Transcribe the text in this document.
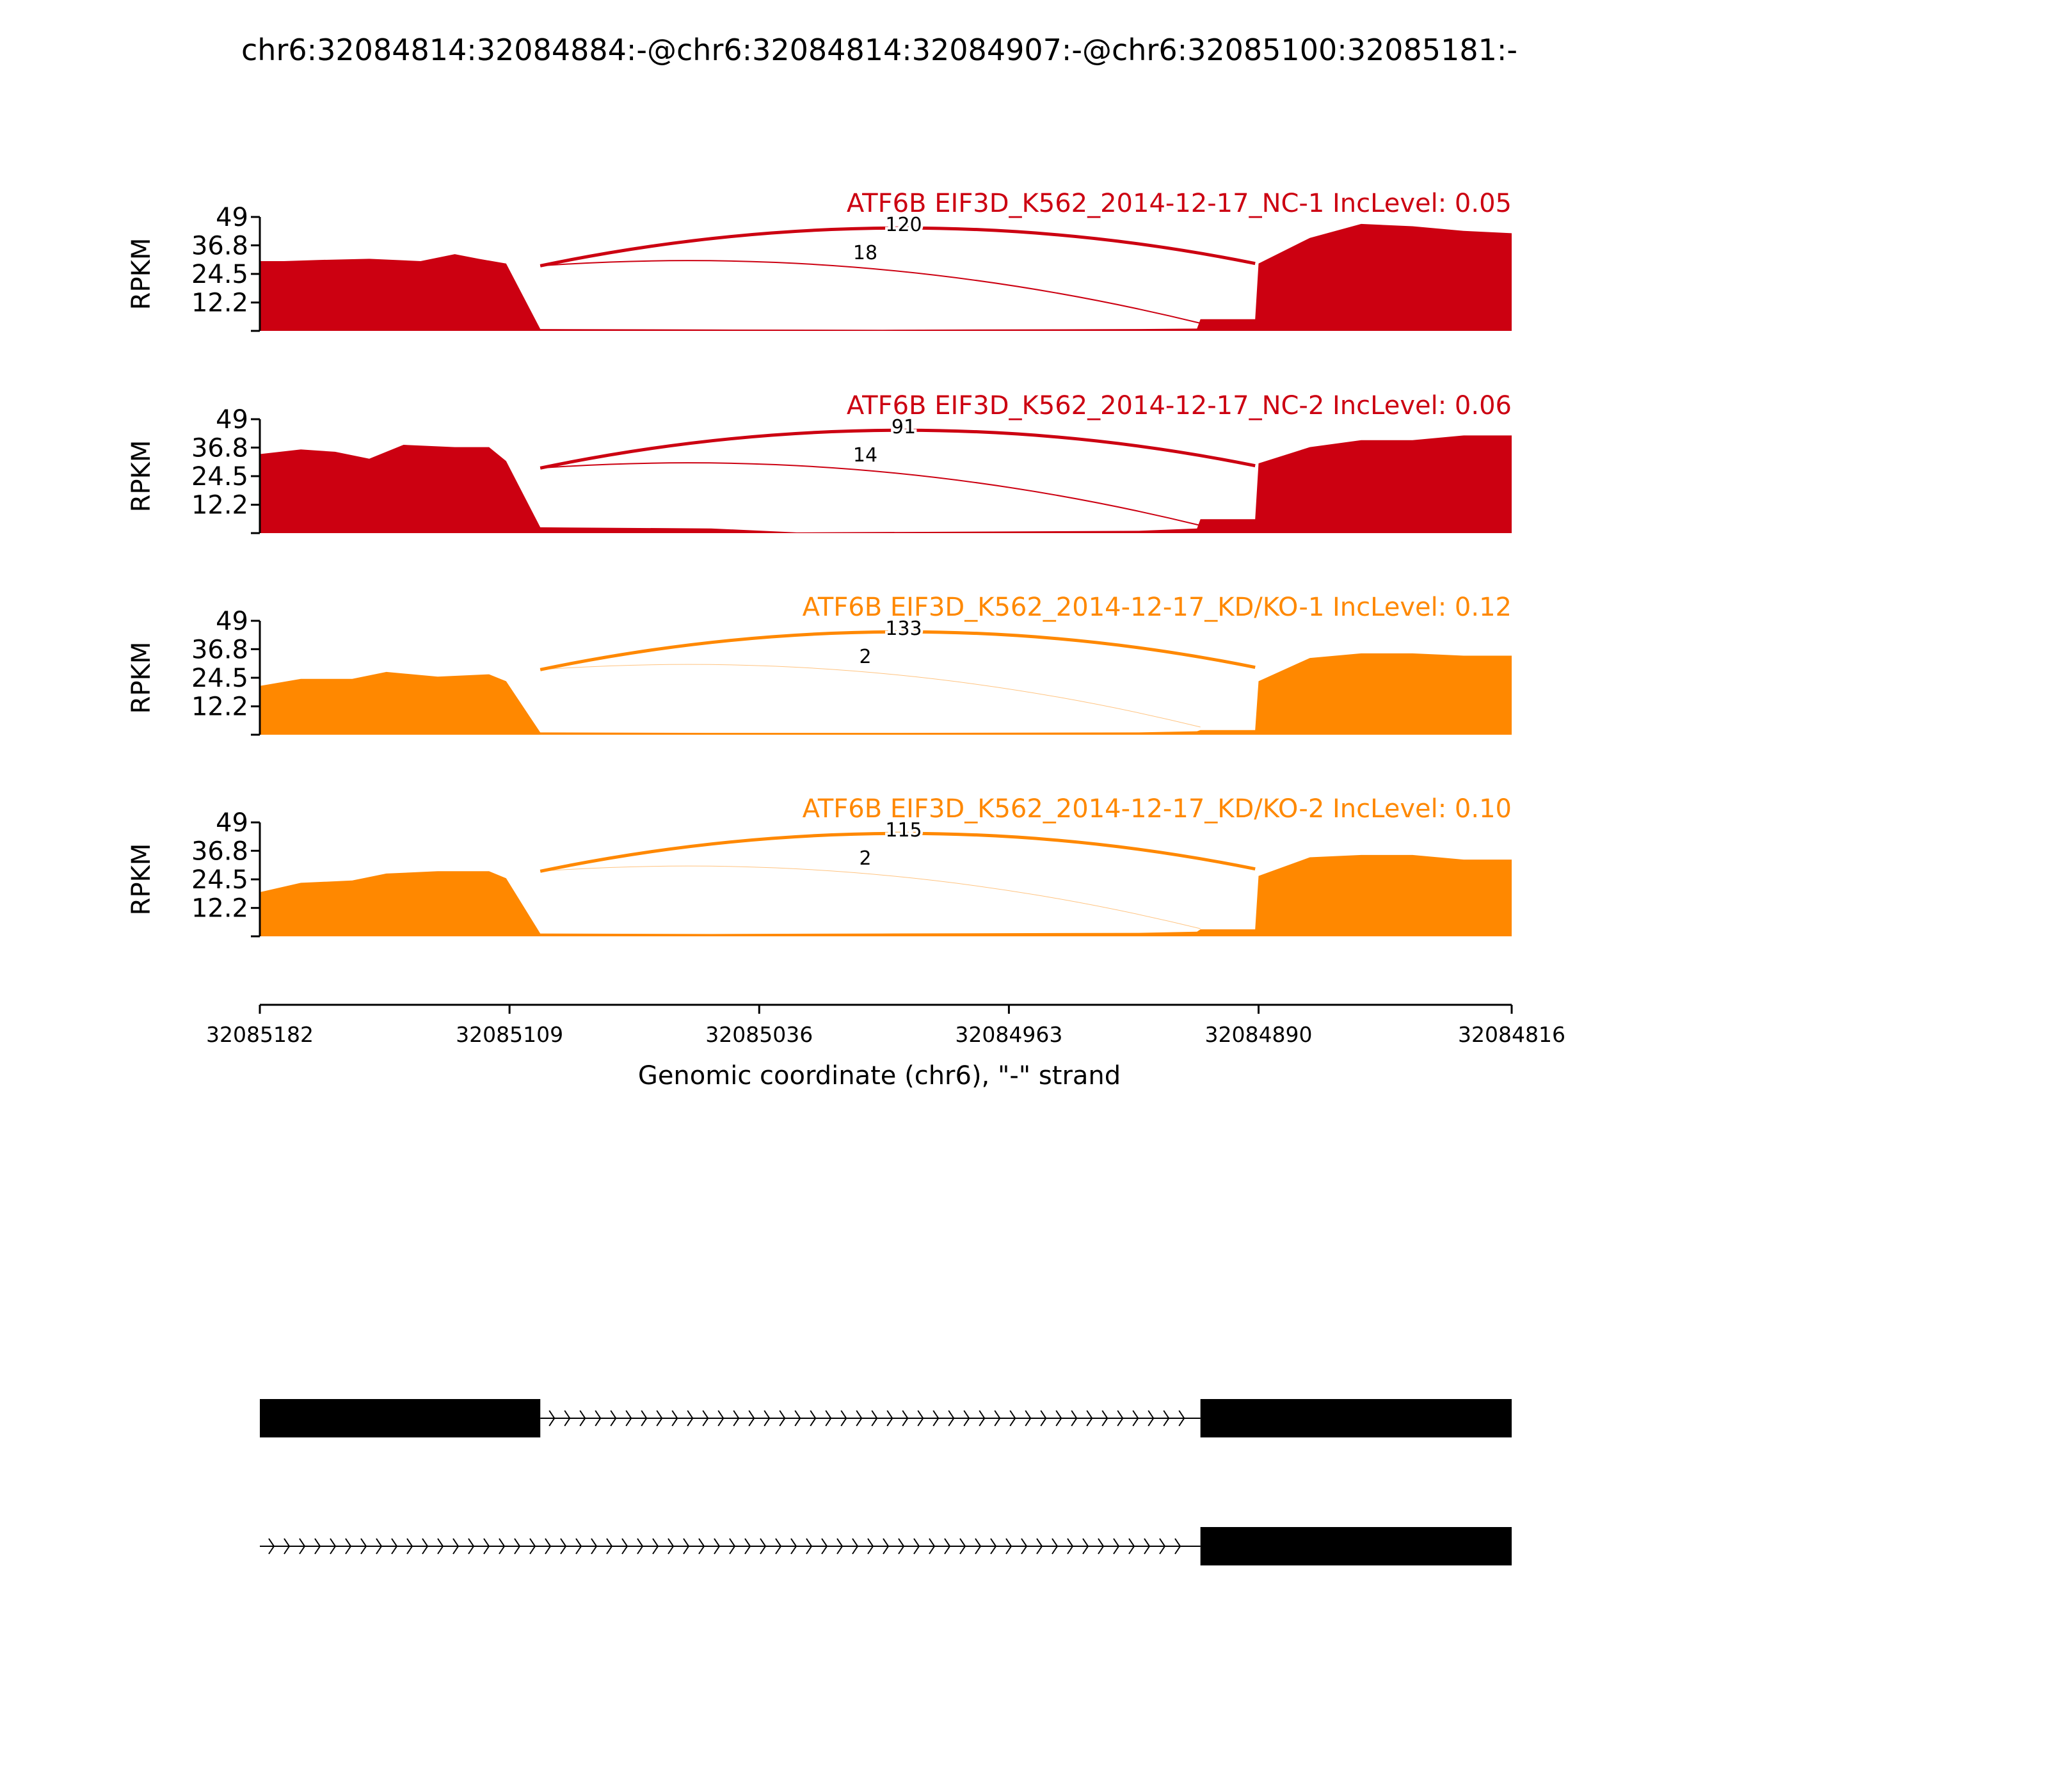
chr6:32084814:32084884:-@chr6:32084814:32084907:-@chr6:32085100:32085181:-
120
18
ATF6B EIF3D_K562_2014-12-17_NC-1 IncLevel: 0.05
12.2
24.5
36.8
49
RPKM
91
14
ATF6B EIF3D_K562_2014-12-17_NC-2 IncLevel: 0.06
12.2
24.5
36.8
49
RPKM
133
2
ATF6B EIF3D_K562_2014-12-17_KD/KO-1 IncLevel: 0.12
12.2
24.5
36.8
49
RPKM
115
2
ATF6B EIF3D_K562_2014-12-17_KD/KO-2 IncLevel: 0.10
12.2
24.5
36.8
49
RPKM
32085182	32085109	32085036	32084963	32084890	32084816
Genomic coordinate (chr6), "-" strand
